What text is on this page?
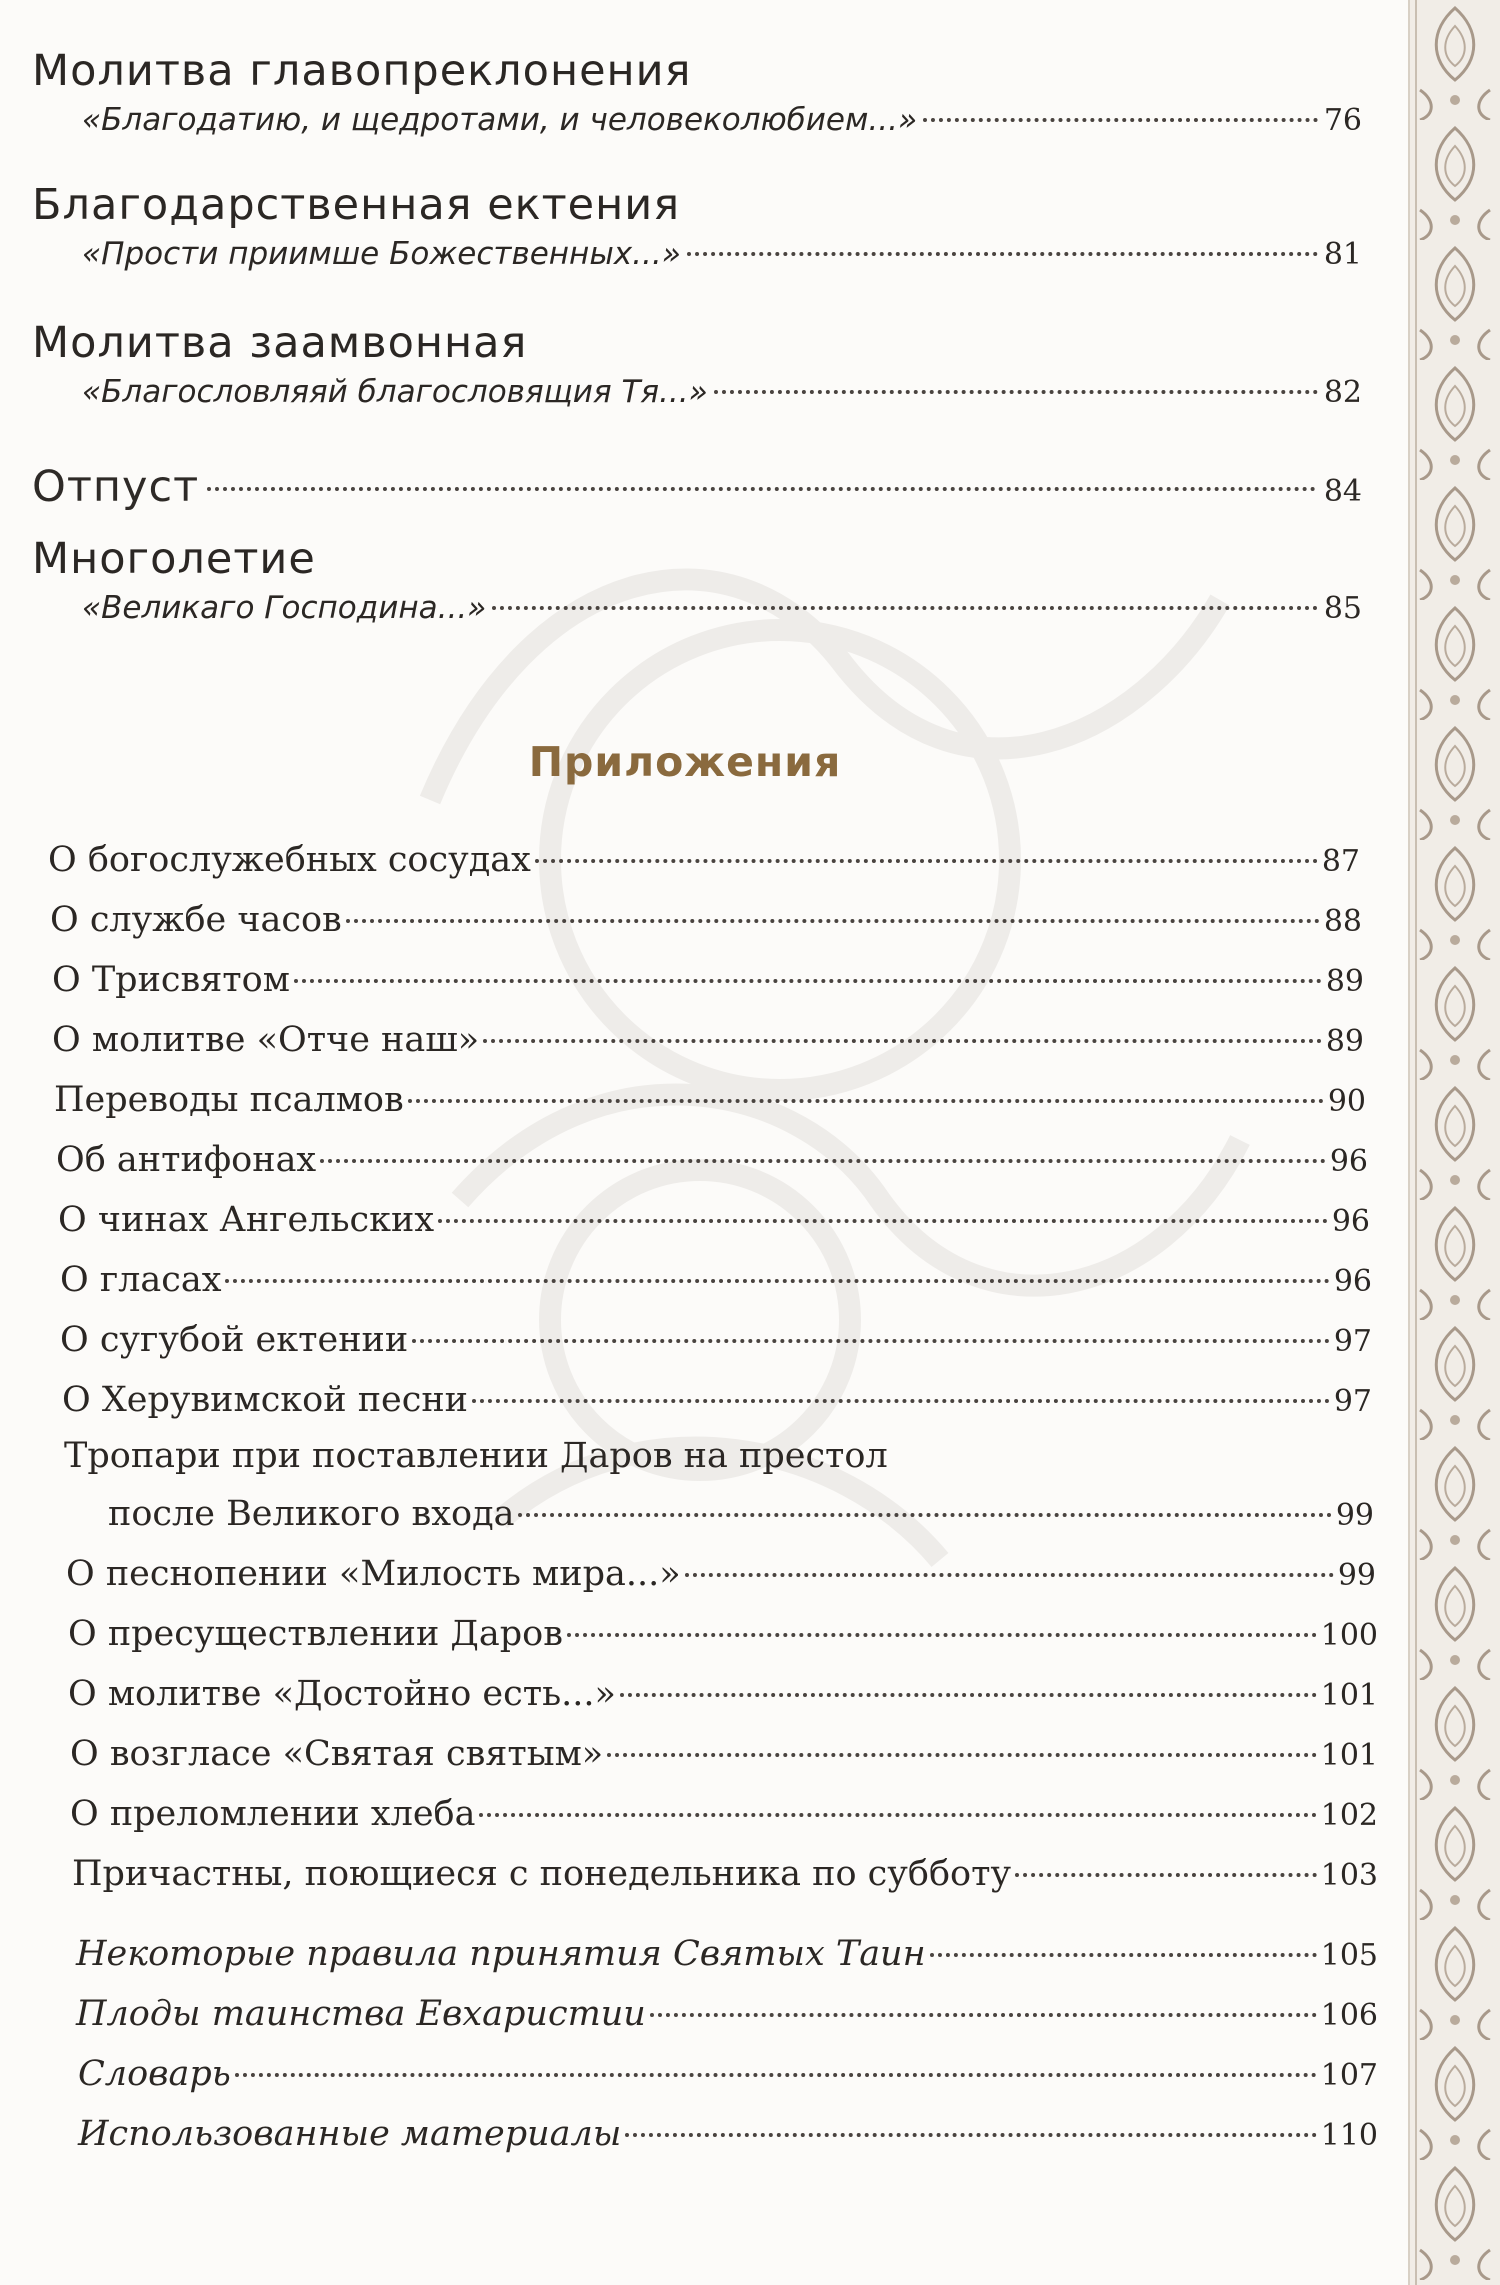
Молитва главопреклонения
«Благодатию, и щедротами, и человеколюбием...»	76
Благодарственная ектения
«Прости приимше Божественных...»	81
Молитва заамвонная
«Благословляяй благословящия Тя...»	82
Отпуст	84
Многолетие
«Великаго Господина...»	85
Приложения
О богослужебных сосудах	87
О службе часов	88
О Трисвятом	89
О молитве «Отче наш»	89
Переводы псалмов	90
Об антифонах	96
О чинах Ангельских	96
О гласах	96
О сугубой ектении	97
О Херувимской песни	97
Тропари при поставлении Даров на престол
после Великого входа	99
О песнопении «Милость мира...»	99
О пресуществлении Даров	100
О молитве «Достойно есть...»	101
О возгласе «Святая святым»	101
О преломлении хлеба	102
Причастны, поющиеся с понедельника по субботу	103
Некоторые правила принятия Святых Таин	105
Плоды таинства Евхаристии	106
Словарь	107
Использованные материалы	110
